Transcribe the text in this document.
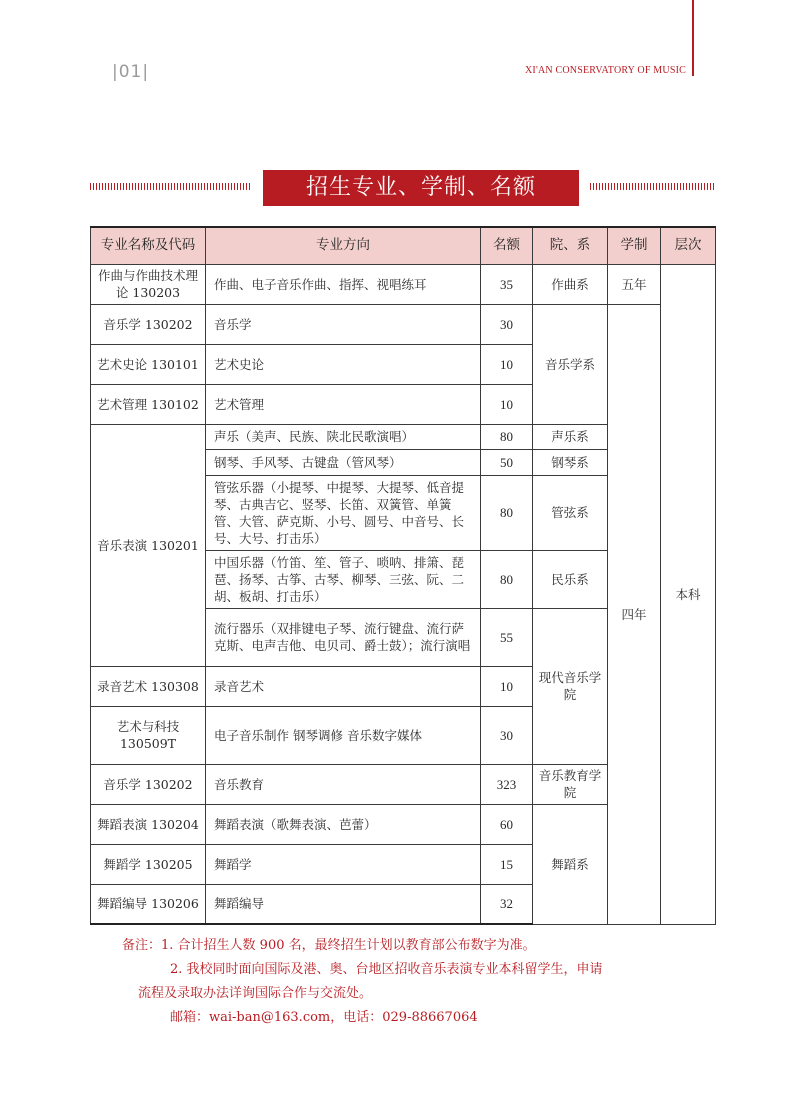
|01|	XI'AN CONSERVATORY OF MUSIC
招生专业、学制、名额
专业名称及代码	专业方向	名额	院、系	学制	层次
作曲与作曲技术理论 130203	作曲、电子音乐作曲、指挥、视唱练耳	35	作曲系	五年	本科
音乐学 130202	音乐学	30	音乐学系	四年	
艺术史论 130101	艺术史论	10			
艺术管理 130102	艺术管理	10			
音乐表演 130201	声乐（美声、民族、陕北民歌演唱）	80	声乐系		
	钢琴、手风琴、古键盘（管风琴）	50	钢琴系		
	管弦乐器（小提琴、中提琴、大提琴、低音提琴、古典吉它、竖琴、长笛、双簧管、单簧管、大管、萨克斯、小号、圆号、中音号、长号、大号、打击乐）	80	管弦系		
	中国乐器（竹笛、笙、管子、唢呐、排箫、琵琶、扬琴、古筝、古琴、柳琴、三弦、阮、二胡、板胡、打击乐）	80	民乐系		
	流行器乐（双排键电子琴、流行键盘、流行萨克斯、电声吉他、电贝司、爵士鼓）；流行演唱	55	现代音乐学院		
录音艺术 130308	录音艺术	10			
艺术与科技 130509T	电子音乐制作 钢琴调修 音乐数字媒体	30			
音乐学 130202	音乐教育	323	音乐教育学院		
舞蹈表演 130204	舞蹈表演（歌舞表演、芭蕾）	60	舞蹈系		
舞蹈学 130205	舞蹈学	15			
舞蹈编导 130206	舞蹈编导	32			

备注：1. 合计招生人数 900 名，最终招生计划以教育部公布数字为准。

2. 我校同时面向国际及港、奥、台地区招收音乐表演专业本科留学生，申请

流程及录取办法详询国际合作与交流处。

邮箱：wai-ban@163.com，电话：029-88667064
